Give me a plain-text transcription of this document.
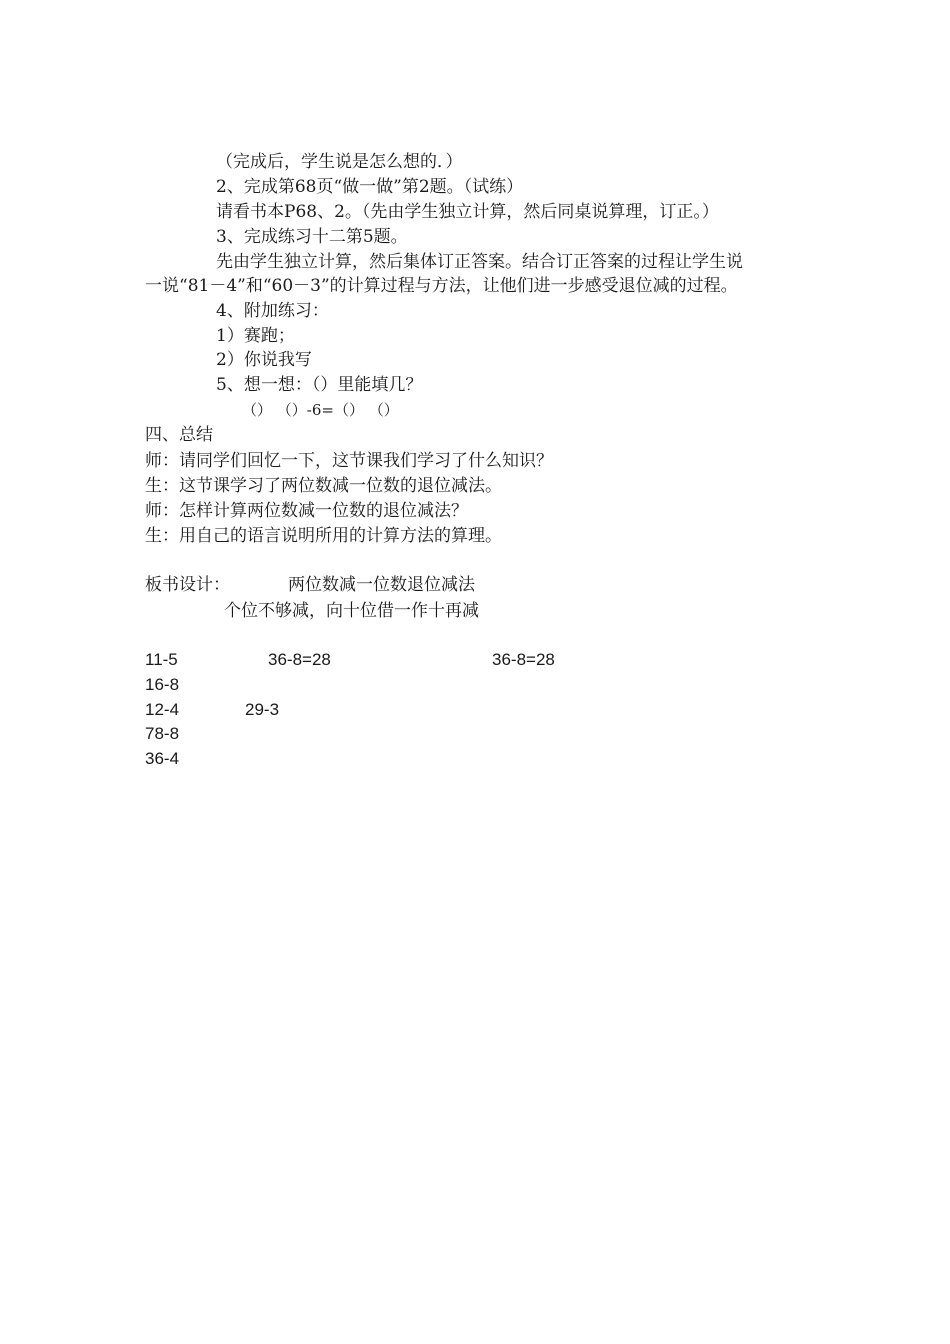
（完成后，学生说是怎么想的．）
2、完成第68页“做一做”第2题。（试练）
请看书本P68、2。（先由学生独立计算，然后同桌说算理，订正。）
3、完成练习十二第5题。
先由学生独立计算，然后集体订正答案。结合订正答案的过程让学生说
一说“81－4”和“60－3”的计算过程与方法，让他们进一步感受退位减的过程。
4、附加练习：
1）赛跑；
2）你说我写
5、想一想：（）里能填几？
（） （）-6=（） （）
四、总结
师：请同学们回忆一下，这节课我们学习了什么知识？
生：这节课学习了两位数减一位数的退位减法。
师：怎样计算两位数减一位数的退位减法？
生：用自己的语言说明所用的计算方法的算理。
板书设计：	两位数减一位数退位减法
个位不够减，向十位借一作十再减
11-5	36-8=28	36-8=28
16-8
12-4	29-3
78-8
36-4
